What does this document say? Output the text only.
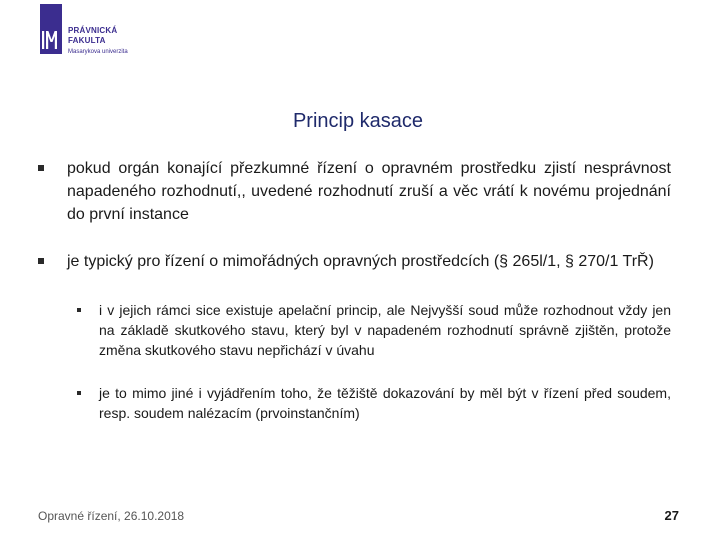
PRÁVNICKÁ
FAKULTA
Masarykova univerzita
Princip kasace
pokud orgán konající přezkumné řízení o opravném prostředku zjistí nesprávnost napadeného rozhodnutí,, uvedené rozhodnutí zruší a věc vrátí k novému projednání do první instance
je typický pro řízení o mimořádných opravných prostředcích (§ 265l/1, § 270/1 TrŘ)
i v jejich rámci sice existuje apelační princip, ale Nejvyšší soud může rozhodnout vždy jen na základě skutkového stavu, který byl v napadeném rozhodnutí správně zjištěn, protože změna skutkového stavu nepřichází v úvahu
je to mimo jiné i vyjádřením toho, že těžiště dokazování by měl být v řízení před soudem, resp. soudem nalézacím (prvoinstančním)
Opravné řízení, 26.10.2018	27
